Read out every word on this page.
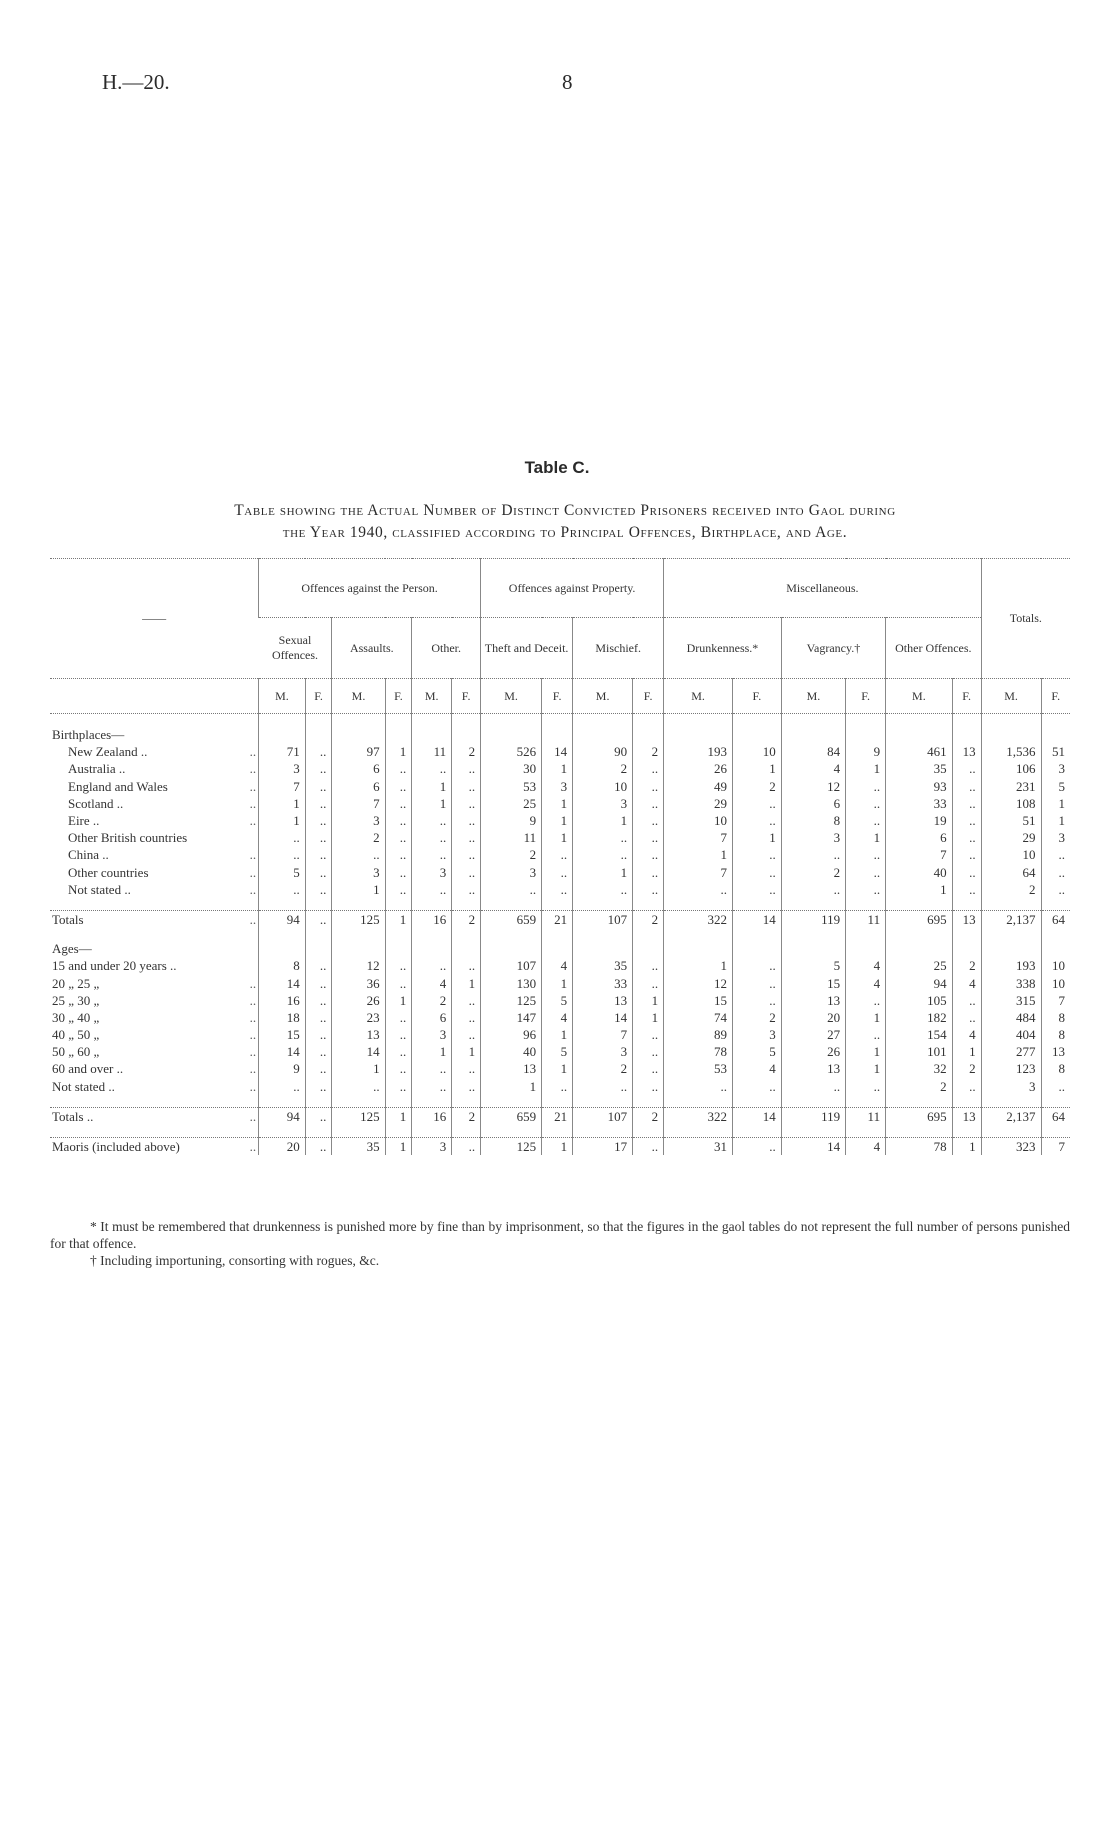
H.—20.	8
Table C.
Table showing the Actual Number of Distinct Convicted Prisoners received into Gaol during
the Year 1940, classified according to Principal Offences, Birthplace, and Age.
——	Offences against the Person.						Offences against Property.				Miscellaneous.						Totals.	
	Sexual Offences.		Assaults.		Other.		Theft and Deceit.		Mischief.		Drunkenness.*		Vagrancy.†		Other Offences.			
	M.	F.	M.	F.	M.	F.	M.	F.	M.	F.	M.	F.	M.	F.	M.	F.	M.	F.

Birthplaces—																		
New Zealand .. ..	71	..	97	1	11	2	526	14	90	2	193	10	84	9	461	13	1,536	51
Australia .. ..	3	..	6	..	..	..	30	1	2	..	26	1	4	1	35	..	106	3
England and Wales ..	7	..	6	..	1	..	53	3	10	..	49	2	12	..	93	..	231	5
Scotland .. ..	1	..	7	..	1	..	25	1	3	..	29	..	6	..	33	..	108	1
Eire .. ..	1	..	3	..	..	..	9	1	1	..	10	..	8	..	19	..	51	1
Other British countries	..	..	2	..	..	..	11	1	..	..	7	1	3	1	6	..	29	3
China .. ..	..	..	..	..	..	..	2	..	..	..	1	..	..	..	7	..	10	..
Other countries ..	5	..	3	..	3	..	3	..	1	..	7	..	2	..	40	..	64	..
Not stated .. ..	..	..	1	..	..	..	..	..	..	..	..	..	..	..	1	..	2	..

Totals ..	94	..	125	1	16	2	659	21	107	2	322	14	119	11	695	13	2,137	64

Ages—																		
15 and under 20 years ..	8	..	12	..	..	..	107	4	35	..	1	..	5	4	25	2	193	10
20 „ 25 „ ..	14	..	36	..	4	1	130	1	33	..	12	..	15	4	94	4	338	10
25 „ 30 „ ..	16	..	26	1	2	..	125	5	13	1	15	..	13	..	105	..	315	7
30 „ 40 „ ..	18	..	23	..	6	..	147	4	14	1	74	2	20	1	182	..	484	8
40 „ 50 „ ..	15	..	13	..	3	..	96	1	7	..	89	3	27	..	154	4	404	8
50 „ 60 „ ..	14	..	14	..	1	1	40	5	3	..	78	5	26	1	101	1	277	13
60 and over .. ..	9	..	1	..	..	..	13	1	2	..	53	4	13	1	32	2	123	8
Not stated .. ..	..	..	..	..	..	..	1	..	..	..	..	..	..	..	2	..	3	..

Totals .. ..	94	..	125	1	16	2	659	21	107	2	322	14	119	11	695	13	2,137	64

Maoris (included above) ..	20	..	35	1	3	..	125	1	17	..	31	..	14	4	78	1	323	7

* It must be remembered that drunkenness is punished more by fine than by imprisonment, so that the figures in the gaol tables do not represent the full number of persons punished for that offence.

† Including importuning, consorting with rogues, &c.
